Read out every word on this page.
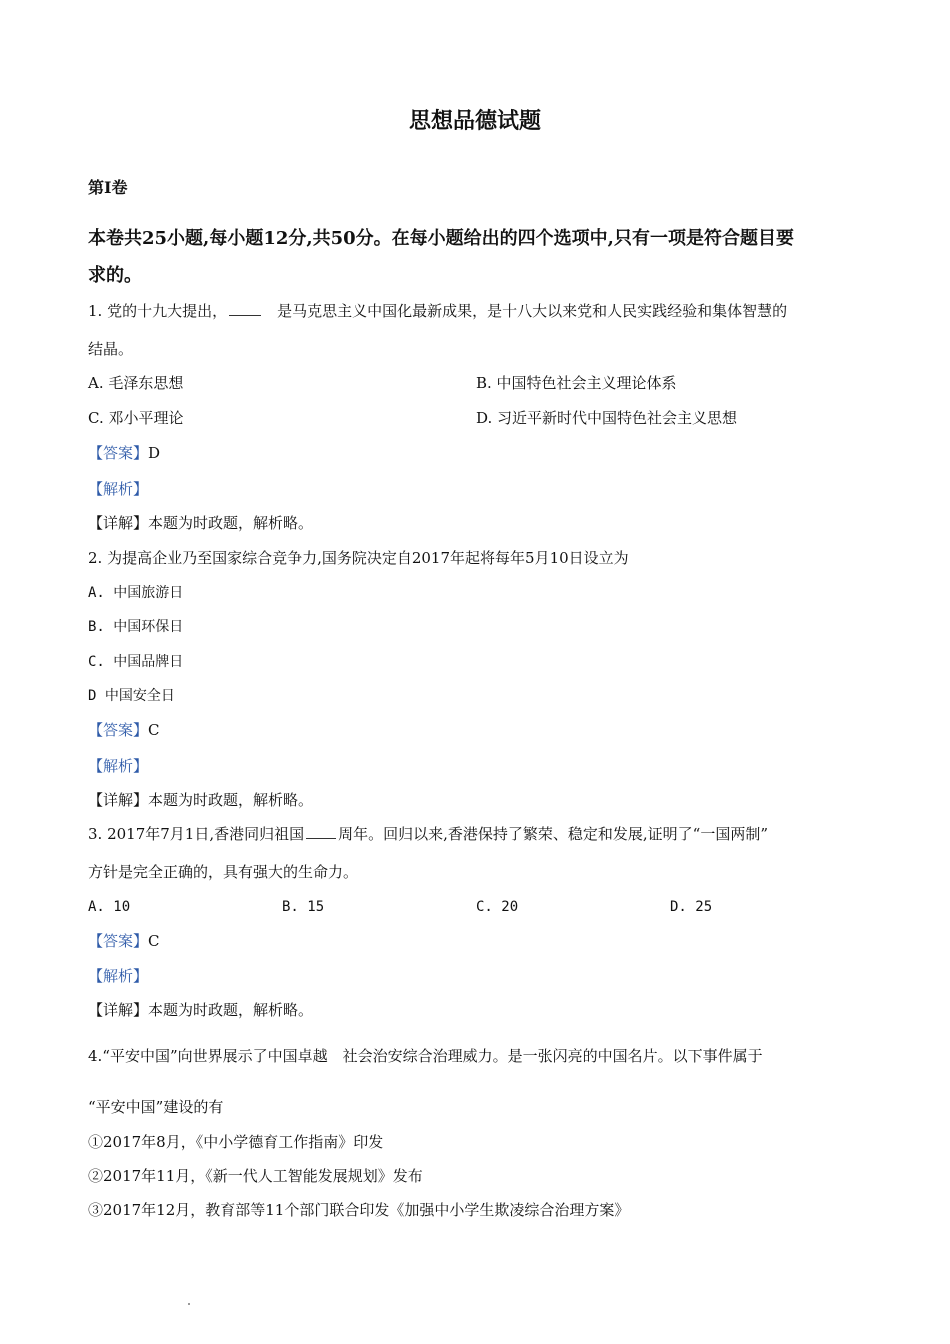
思想品德试题
第Ⅰ卷
本卷共25小题,每小题12分,共50分。在每小题给出的四个选项中,只有一项是符合题目要
求的。
1. 党的十九大提出，	是马克思主义中国化最新成果，是十八大以来党和人民实践经验和集体智慧的
结晶。
A. 毛泽东思想	B. 中国特色社会主义理论体系
C. 邓小平理论	D. 习近平新时代中国特色社会主义思想
【答案】D
【解析】
【详解】本题为时政题，解析略。
2. 为提高企业乃至国家综合竞争力,国务院决定自2017年起将每年5月10日设立为
A. 中国旅游日
B. 中国环保日
C. 中国品牌日
D 中国安全日
【答案】C
【解析】
【详解】本题为时政题，解析略。
3. 2017年7月1日,香港同归祖国 周年。回归以来,香港保持了繁荣、稳定和发展,证明了“一国两制”
方针是完全正确的，具有强大的生命力。
A. 10	B. 15	C. 20	D. 25
【答案】C
【解析】
【详解】本题为时政题，解析略。
4.“平安中国”向世界展示了中国卓越　社会治安综合治理威力。是一张闪亮的中国名片。以下事件属于
“平安中国”建设的有
①2017年8月，《中小学德育工作指南》印发
②2017年11月，《新一代人工智能发展规划》发布
③2017年12月，教育部等11个部门联合印发《加强中小学生欺凌综合治理方案》
